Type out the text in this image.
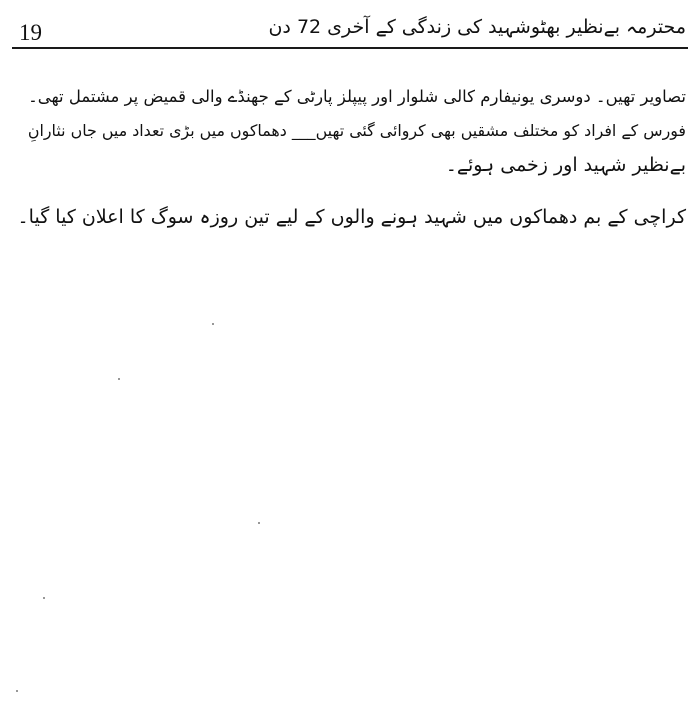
19	محترمہ بےنظیر بھٹوشہید کی زندگی کے آخری 72 دن
تصاویر تھیں۔ دوسری یونیفارم کالی شلوار اور پیپلز پارٹی کے جھنڈے والی قمیض پر مشتمل تھی۔
فورس کے افراد کو مختلف مشقیں بھی کروائی گئی تھیں___ دھماکوں میں بڑی تعداد میں جاں نثارانِ
بےنظیر شہید اور زخمی ہوئے۔
کراچی کے بم دھماکوں میں شہید ہونے والوں کے لیے تین روزہ سوگ کا اعلان کیا گیا۔
